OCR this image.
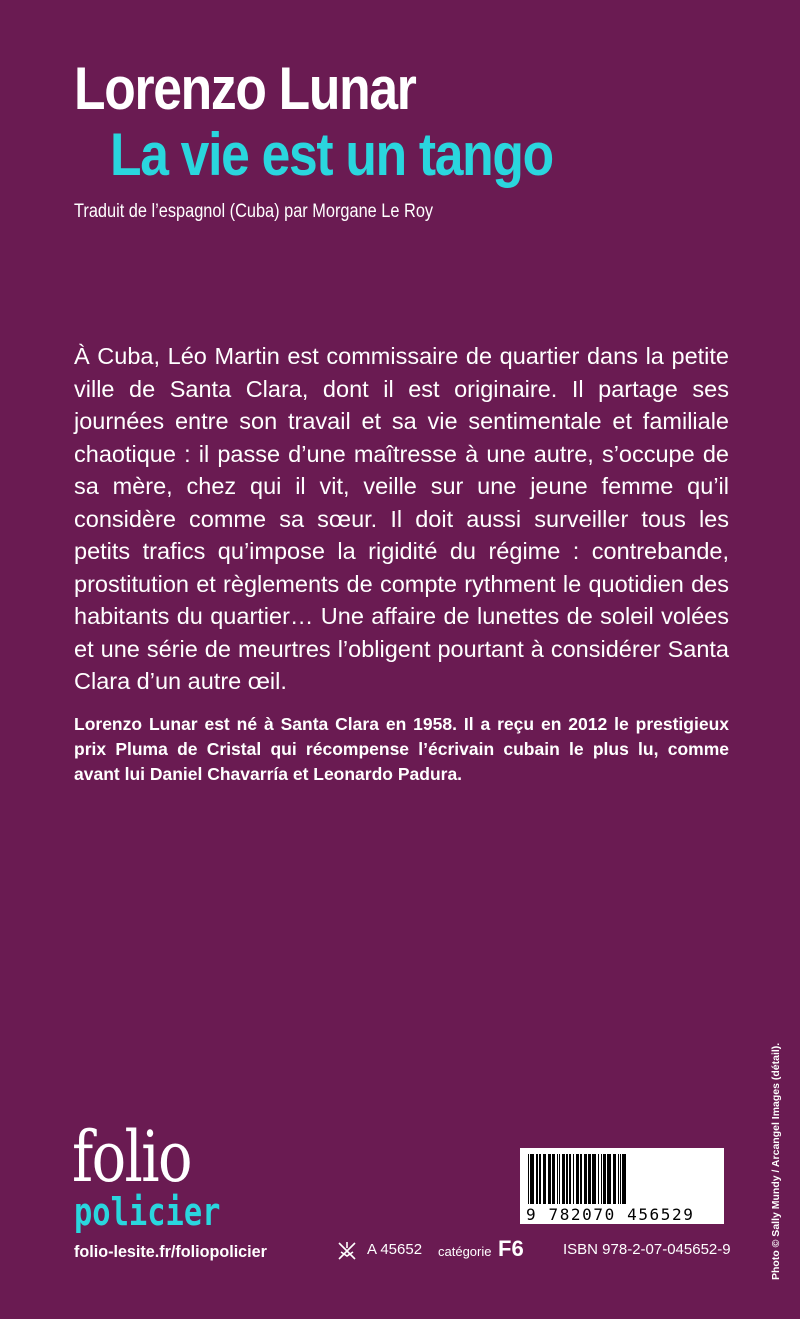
Lorenzo Lunar
La vie est un tango

Traduit de l’espagnol (Cuba) par Morgane Le Roy

À Cuba, Léo Martin est commissaire de quartier dans la petite ville de Santa Clara, dont il est originaire. Il partage ses journées entre son travail et sa vie sentimentale et familiale chaotique : il passe d’une maîtresse à une autre, s’occupe de sa mère, chez qui il vit, veille sur une jeune femme qu’il considère comme sa sœur. Il doit aussi surveiller tous les petits trafics qu’impose la rigidité du régime : contrebande, prostitution et règlements de compte rythment le quotidien des habitants du quartier… Une affaire de lunettes de soleil volées et une série de meurtres l’obligent pourtant à considérer Santa Clara d’un autre œil.

Lorenzo Lunar est né à Santa Clara en 1958. Il a reçu en 2012 le prestigieux prix Pluma de Cristal qui récompense l’écrivain cubain le plus lu, comme avant lui Daniel Chavarría et Leonardo Padura.

Photo © Sally Mundy / Arcangel Images (détail).
folio
policier
folio-lesite.fr/foliopolicier
9 782070 456529
A 45652 catégorie F6	ISBN 978-2-07-045652-9
